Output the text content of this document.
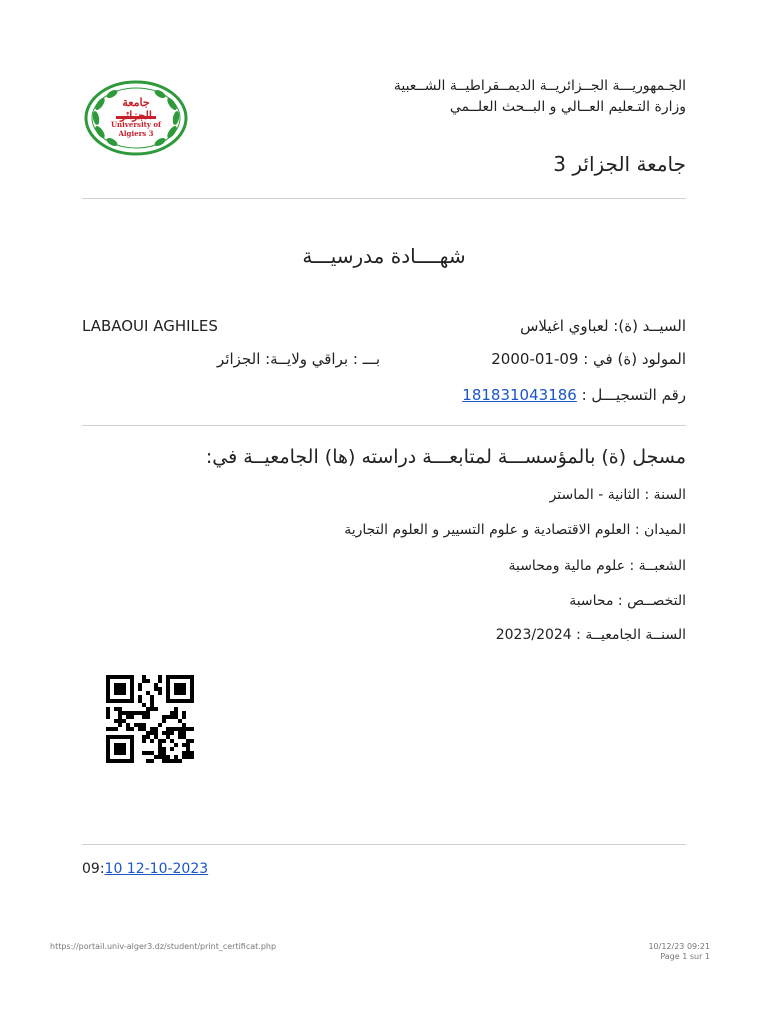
جامعة الجزائر
University of Algiers 3
الجـمهوريـــة الجــزائريــة الديمــقراطيــة الشــعبية
وزارة التـعليم العــالي و البــحث العلــمي
جامعة الجزائر 3
شهــــادة مدرسيـــة
LABAOUI AGHILES	السيــد (ة): لعباوي اغيلاس
بـــ : براقي ولايــة: الجزائر	المولود (ة) في : 09-01-2000
رقم التسجيـــل : 181831043186
مسجل (ة) بالمؤسســـة لمتابعـــة دراسته (ها) الجامعيــة في:
السنة : الثانية - الماستر
الميدان : العلوم الاقتصادية و علوم التسيير و العلوم التجارية
الشعبــة : علوم مالية ومحاسبة
التخصــص : محاسبة
السنــة الجامعيــة : 2023/2024
09:10 12-10-2023
https://portail.univ-alger3.dz/student/print_certificat.php	10/12/23 09:21
Page 1 sur 1
